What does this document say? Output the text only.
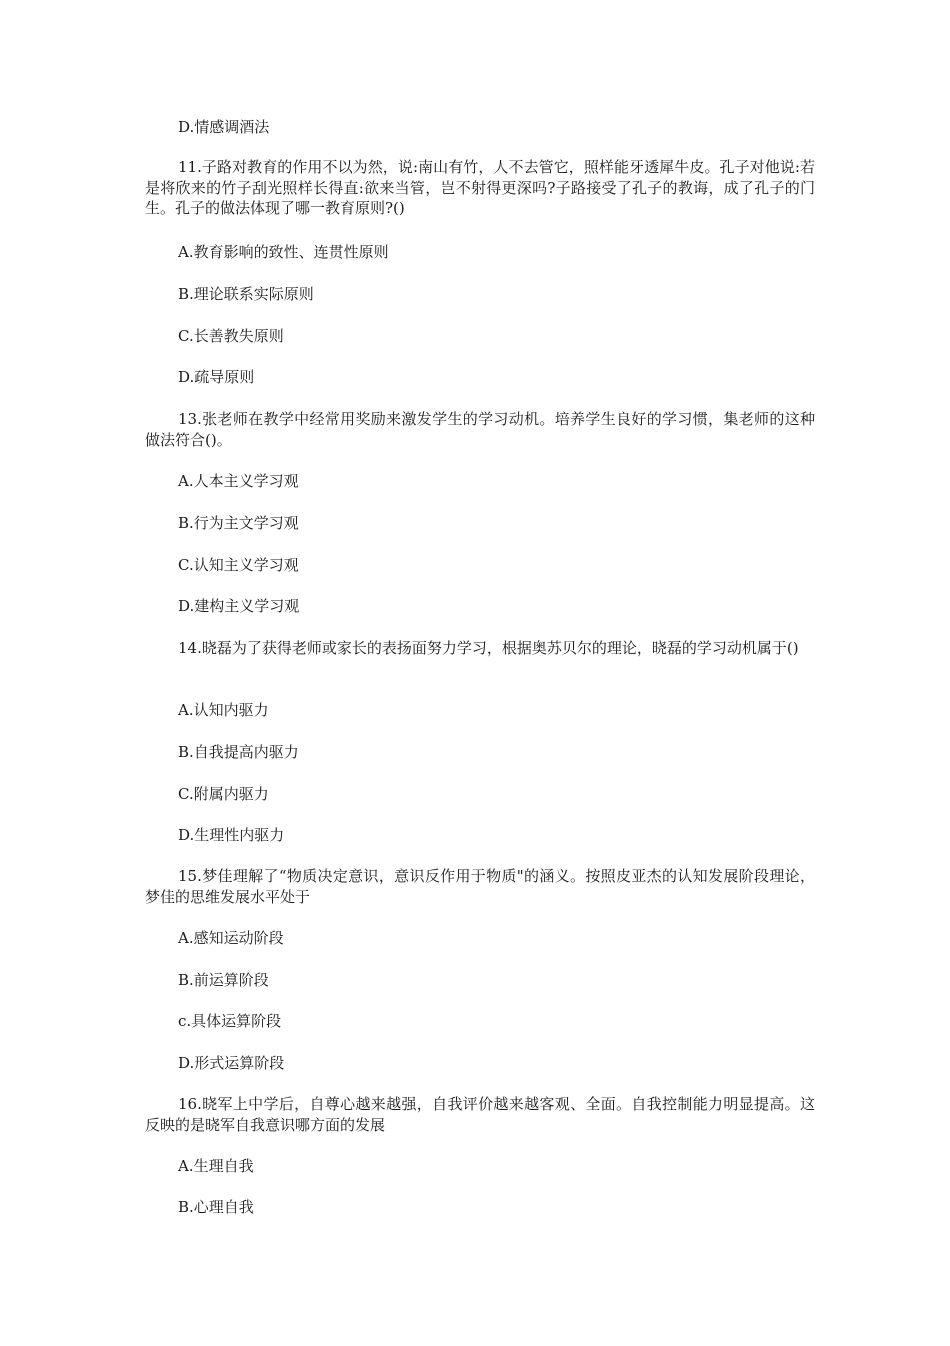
D.情感调酒法
11.子路对教育的作用不以为然，说:南山有竹，人不去管它，照样能牙透犀牛皮。孔子对他说:若是将欣来的竹子刮光照样长得直:欲来当管，岂不射得更深吗?子路接受了孔子的教诲，成了孔子的门生。孔子的做法体现了哪一教育原则?()
A.教育影响的致性、连贯性原则
B.理论联系实际原则
C.长善教失原则
D.疏导原则
13.张老师在教学中经常用奖励来激发学生的学习动机。培养学生良好的学习惯，集老师的这种做法符合()。
A.人本主义学习观
B.行为主文学习观
C.认知主义学习观
D.建构主义学习观
14.晓磊为了获得老师或家长的表扬面努力学习，根据奥苏贝尔的理论，晓磊的学习动机属于()
A.认知内驱力
B.自我提高内驱力
C.附属内驱力
D.生理性内驱力
15.梦佳理解了“物质决定意识，意识反作用于物质"的涵义。按照皮亚杰的认知发展阶段理论，梦佳的思维发展水平处于
A.感知运动阶段
B.前运算阶段
c.具体运算阶段
D.形式运算阶段
16.晓军上中学后，自尊心越来越强，自我评价越来越客观、全面。自我控制能力明显提高。这反映的是晓军自我意识哪方面的发展
A.生理自我
B.心理自我
